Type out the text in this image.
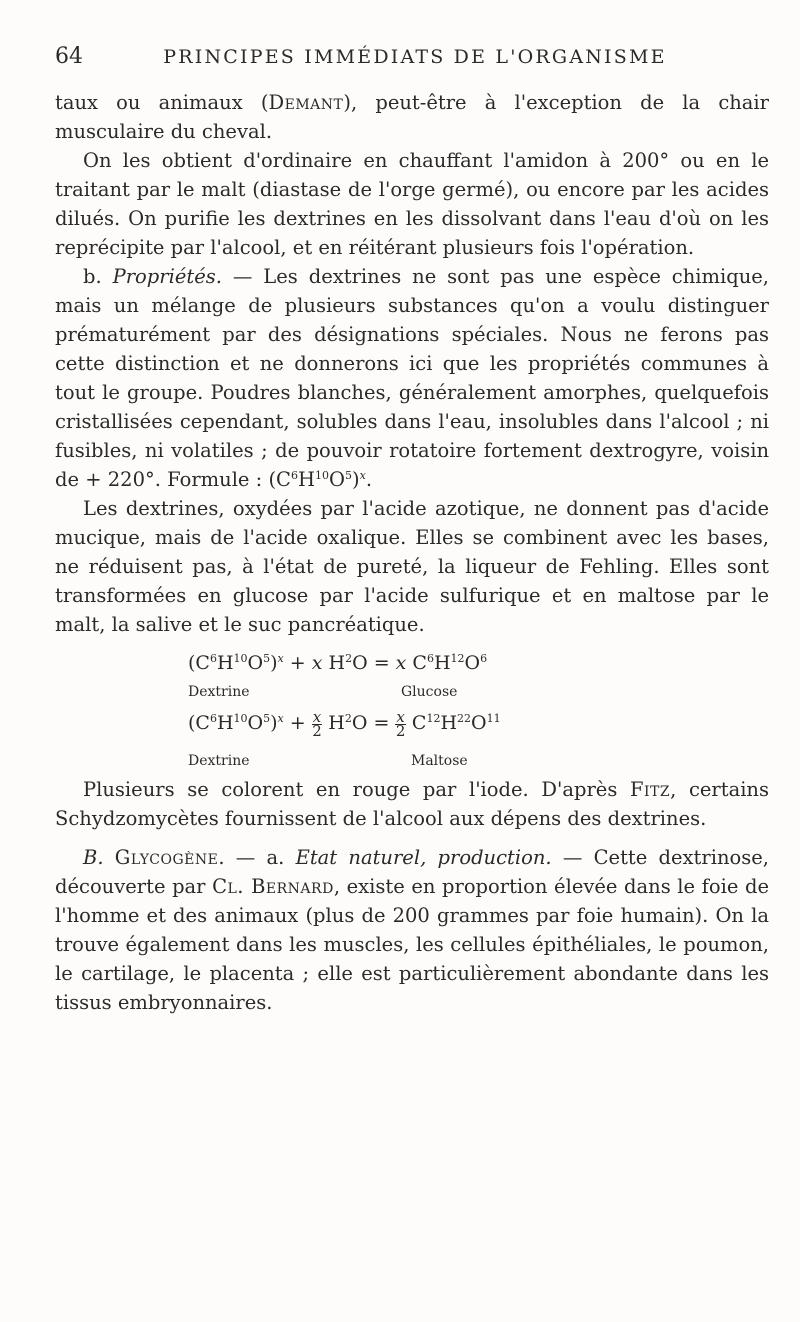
64	PRINCIPES IMMÉDIATS DE L'ORGANISME

taux ou animaux (Demant), peut-être à l'exception de la chair musculaire du cheval.

On les obtient d'ordinaire en chauffant l'amidon à 200° ou en le traitant par le malt (diastase de l'orge germé), ou encore par les acides dilués. On purifie les dextrines en les dissolvant dans l'eau d'où on les reprécipite par l'alcool, et en réitérant plusieurs fois l'opération.

b. Propriétés. — Les dextrines ne sont pas une espèce chimique, mais un mélange de plusieurs substances qu'on a voulu distinguer prématurément par des désignations spéciales. Nous ne ferons pas cette distinction et ne donnerons ici que les propriétés communes à tout le groupe. Poudres blanches, généralement amorphes, quelquefois cristallisées cependant, solubles dans l'eau, insolubles dans l'alcool ; ni fusibles, ni volatiles ; de pouvoir rotatoire fortement dextrogyre, voisin de + 220°. Formule : $(C^6H^{10}O^5)^x$.

Les dextrines, oxydées par l'acide azotique, ne donnent pas d'acide mucique, mais de l'acide oxalique. Elles se combinent avec les bases, ne réduisent pas, à l'état de pureté, la liqueur de Fehling. Elles sont transformées en glucose par l'acide sulfurique et en maltose par le malt, la salive et le suc pancréatique.

$(C^6H^{10}O^5)^x + x$ $H^2O = x$ $C^6H^{12}O^6$
Dextrine	Glucose
$(C^6H^{10}O^5)^x + \frac{x}{2} H^2O = \frac{x}{2} C^{12}H^{22}O^{11}$
Dextrine	Maltose

Plusieurs se colorent en rouge par l'iode. D'après Fitz, certains Schydzomycètes fournissent de l'alcool aux dépens des dextrines.

B. Glycogène. — a. Etat naturel, production. — Cette dextrinose, découverte par Cl. Bernard, existe en proportion élevée dans le foie de l'homme et des animaux (plus de 200 grammes par foie humain). On la trouve également dans les muscles, les cellules épithéliales, le poumon, le cartilage, le placenta ; elle est particulièrement abondante dans les tissus embryonnaires.
